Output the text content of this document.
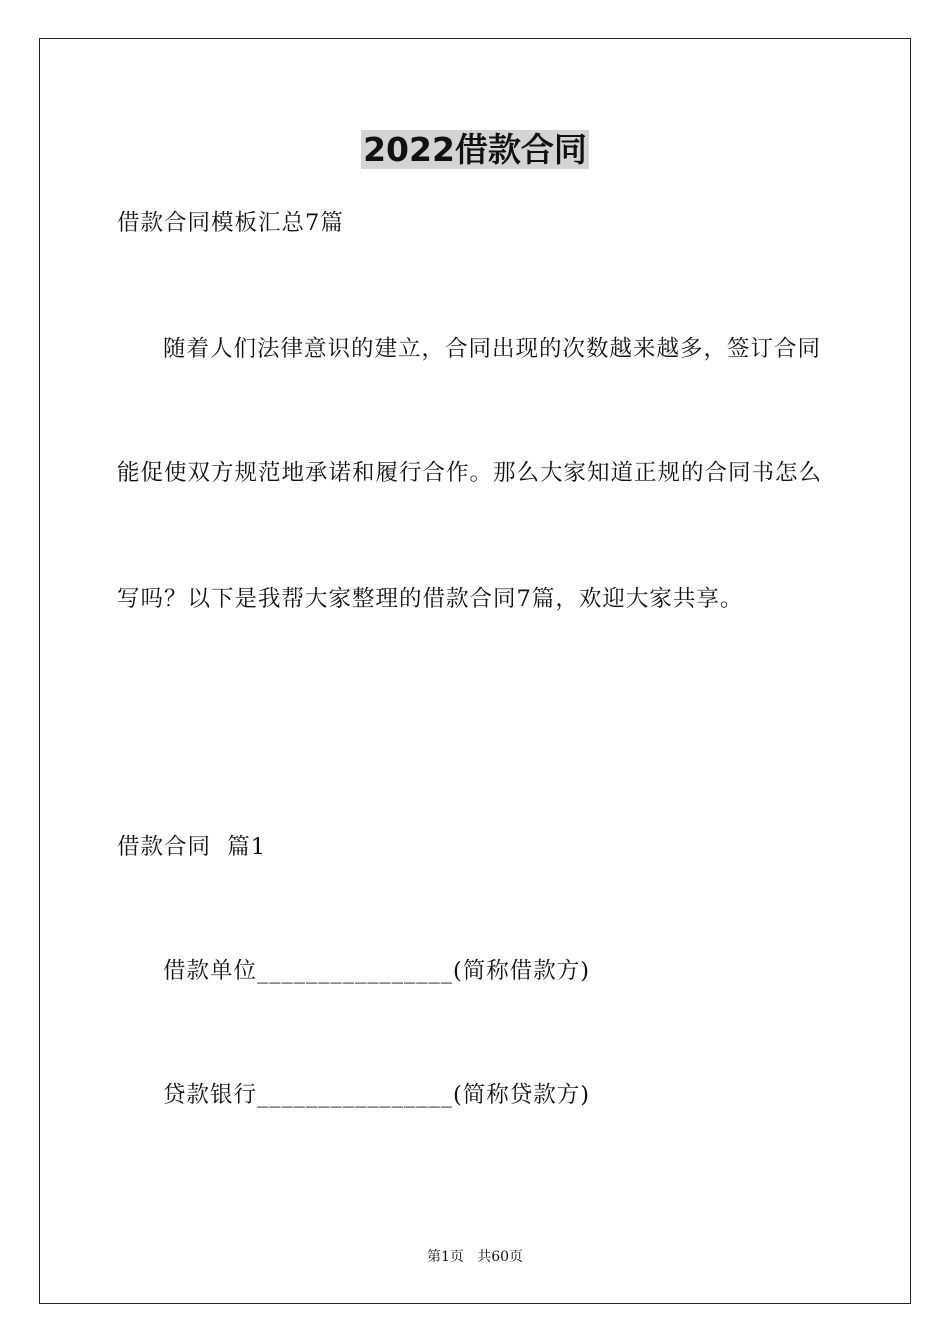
2022借款合同
借款合同模板汇总7篇
随着人们法律意识的建立，合同出现的次数越来越多，签订合同
能促使双方规范地承诺和履行合作。那么大家知道正规的合同书怎么
写吗？以下是我帮大家整理的借款合同7篇，欢迎大家共享。
借款合同  篇1
借款单位________________(简称借款方)
贷款银行________________(简称贷款方)
第1页   共60页
